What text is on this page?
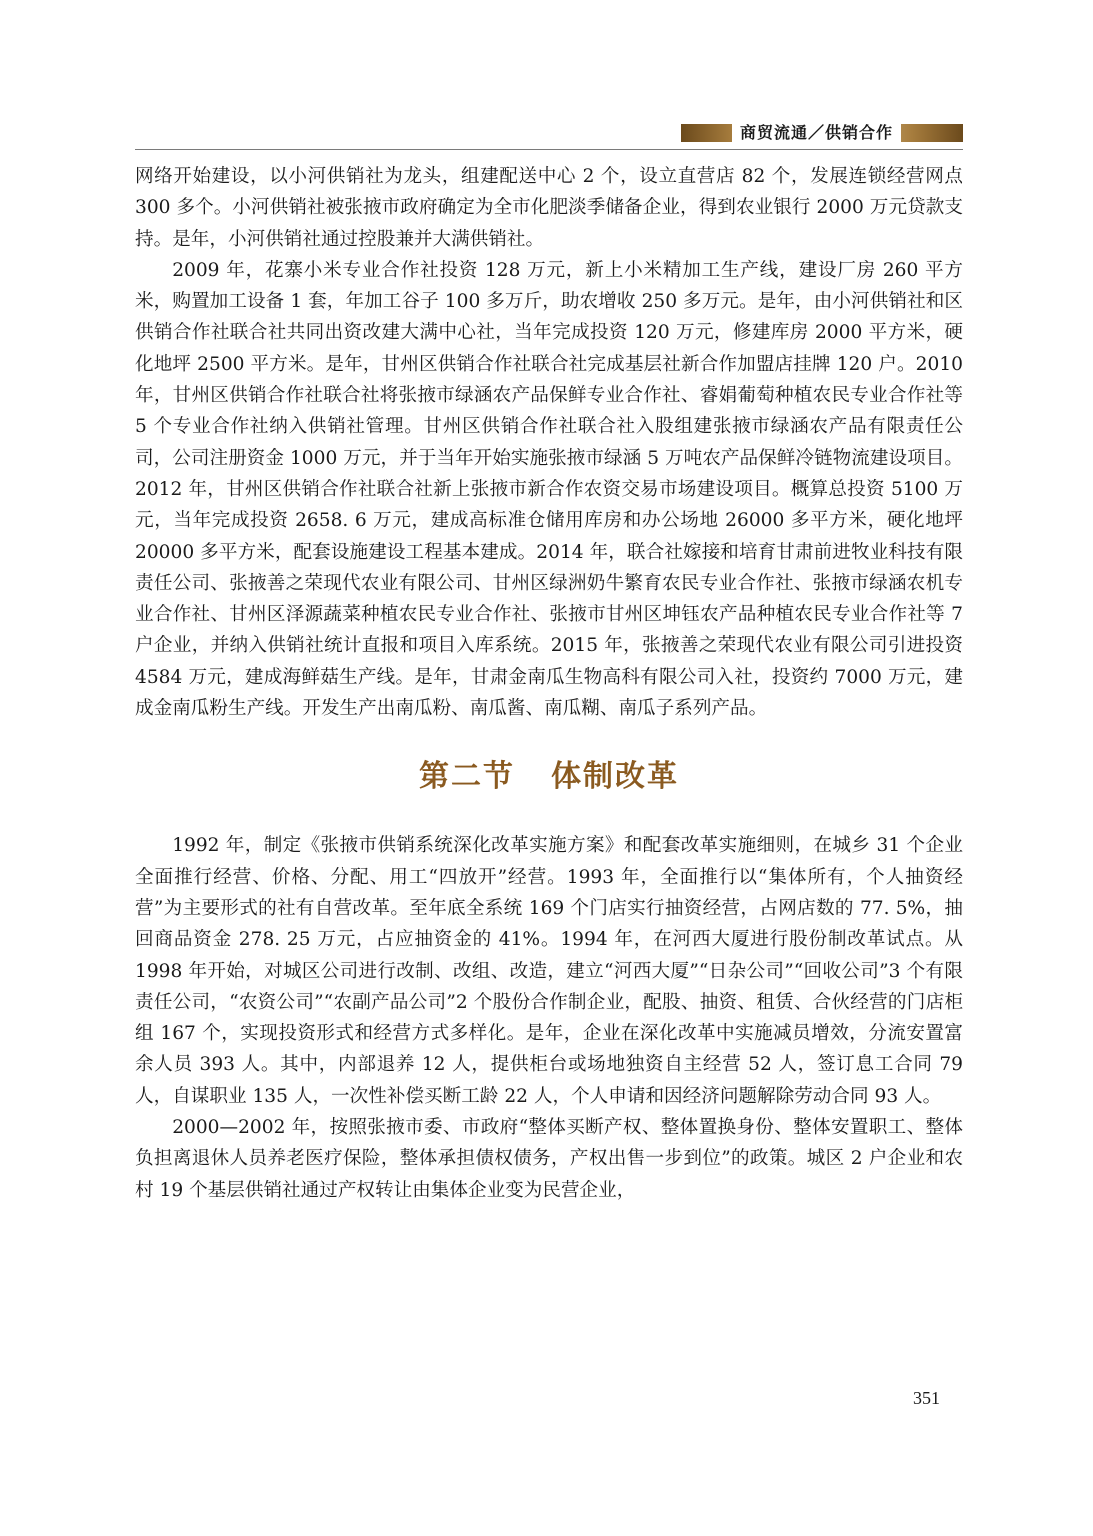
商贸流通／供销合作

网络开始建设，以小河供销社为龙头，组建配送中心 2 个，设立直营店 82 个，发展连锁经营网点 300 多个。小河供销社被张掖市政府确定为全市化肥淡季储备企业，得到农业银行 2000 万元贷款支持。是年，小河供销社通过控股兼并大满供销社。

2009 年，花寨小米专业合作社投资 128 万元，新上小米精加工生产线，建设厂房 260 平方米，购置加工设备 1 套，年加工谷子 100 多万斤，助农增收 250 多万元。是年，由小河供销社和区供销合作社联合社共同出资改建大满中心社，当年完成投资 120 万元，修建库房 2000 平方米，硬化地坪 2500 平方米。是年，甘州区供销合作社联合社完成基层社新合作加盟店挂牌 120 户。2010 年，甘州区供销合作社联合社将张掖市绿涵农产品保鲜专业合作社、睿娟葡萄种植农民专业合作社等 5 个专业合作社纳入供销社管理。甘州区供销合作社联合社入股组建张掖市绿涵农产品有限责任公司，公司注册资金 1000 万元，并于当年开始实施张掖市绿涵 5 万吨农产品保鲜冷链物流建设项目。2012 年，甘州区供销合作社联合社新上张掖市新合作农资交易市场建设项目。概算总投资 5100 万元，当年完成投资 2658. 6 万元，建成高标准仓储用库房和办公场地 26000 多平方米，硬化地坪 20000 多平方米，配套设施建设工程基本建成。2014 年，联合社嫁接和培育甘肃前进牧业科技有限责任公司、张掖善之荣现代农业有限公司、甘州区绿洲奶牛繁育农民专业合作社、张掖市绿涵农机专业合作社、甘州区泽源蔬菜种植农民专业合作社、张掖市甘州区坤钰农产品种植农民专业合作社等 7 户企业，并纳入供销社统计直报和项目入库系统。2015 年，张掖善之荣现代农业有限公司引进投资 4584 万元，建成海鲜菇生产线。是年，甘肃金南瓜生物高科有限公司入社，投资约 7000 万元，建成金南瓜粉生产线。开发生产出南瓜粉、南瓜酱、南瓜糊、南瓜子系列产品。

第二节 体制改革

1992 年，制定《张掖市供销系统深化改革实施方案》和配套改革实施细则，在城乡 31 个企业全面推行经营、价格、分配、用工“四放开”经营。1993 年，全面推行以“集体所有，个人抽资经营”为主要形式的社有自营改革。至年底全系统 169 个门店实行抽资经营，占网店数的 77. 5%，抽回商品资金 278. 25 万元，占应抽资金的 41%。1994 年，在河西大厦进行股份制改革试点。从 1998 年开始，对城区公司进行改制、改组、改造，建立“河西大厦”“日杂公司”“回收公司”3 个有限责任公司，“农资公司”“农副产品公司”2 个股份合作制企业，配股、抽资、租赁、合伙经营的门店柜组 167 个，实现投资形式和经营方式多样化。是年，企业在深化改革中实施减员增效，分流安置富余人员 393 人。其中，内部退养 12 人，提供柜台或场地独资自主经营 52 人，签订息工合同 79 人，自谋职业 135 人，一次性补偿买断工龄 22 人，个人申请和因经济问题解除劳动合同 93 人。

2000—2002 年，按照张掖市委、市政府“整体买断产权、整体置换身份、整体安置职工、整体负担离退休人员养老医疗保险，整体承担债权债务，产权出售一步到位”的政策。城区 2 户企业和农村 19 个基层供销社通过产权转让由集体企业变为民营企业，

351
